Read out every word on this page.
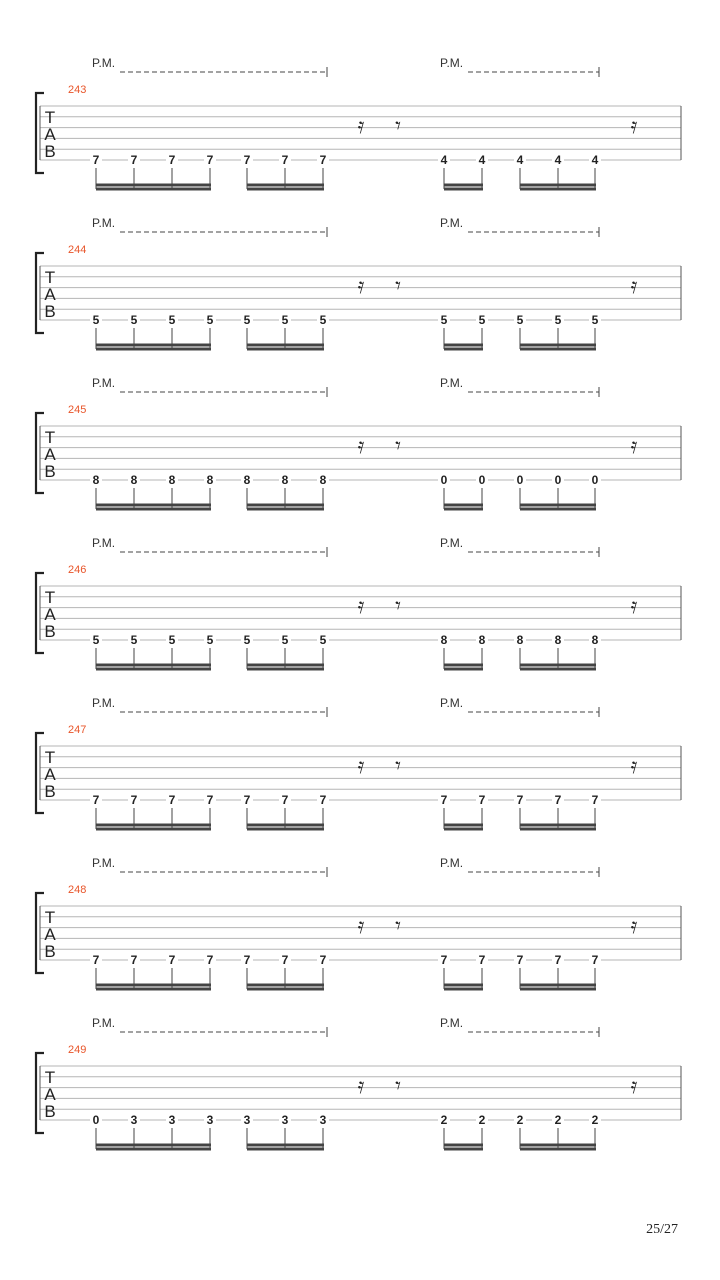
P.M.	P.M.
243
T
A
B
𝄿 𝄾	𝄿
7	7	7	7	7	7	7	4	4	4	4	4
P.M.	P.M.
244
T
A
B
𝄿 𝄾	𝄿
5	5	5	5	5	5	5	5	5	5	5	5
P.M.	P.M.
245
T
A
B
𝄿 𝄾	𝄿
8	8	8	8	8	8	8	0	0	0	0	0
P.M.	P.M.
246
T
A
B
𝄿 𝄾	𝄿
5	5	5	5	5	5	5	8	8	8	8	8
P.M.	P.M.
247
T
A
B
𝄿 𝄾	𝄿
7	7	7	7	7	7	7	7	7	7	7	7
P.M.	P.M.
248
T
A
B
𝄿 𝄾	𝄿
7	7	7	7	7	7	7	7	7	7	7	7
P.M.	P.M.
249
T
A
B
𝄿 𝄾	𝄿
0	3	3	3	3	3	3	2	2	2	2	2
25/27
